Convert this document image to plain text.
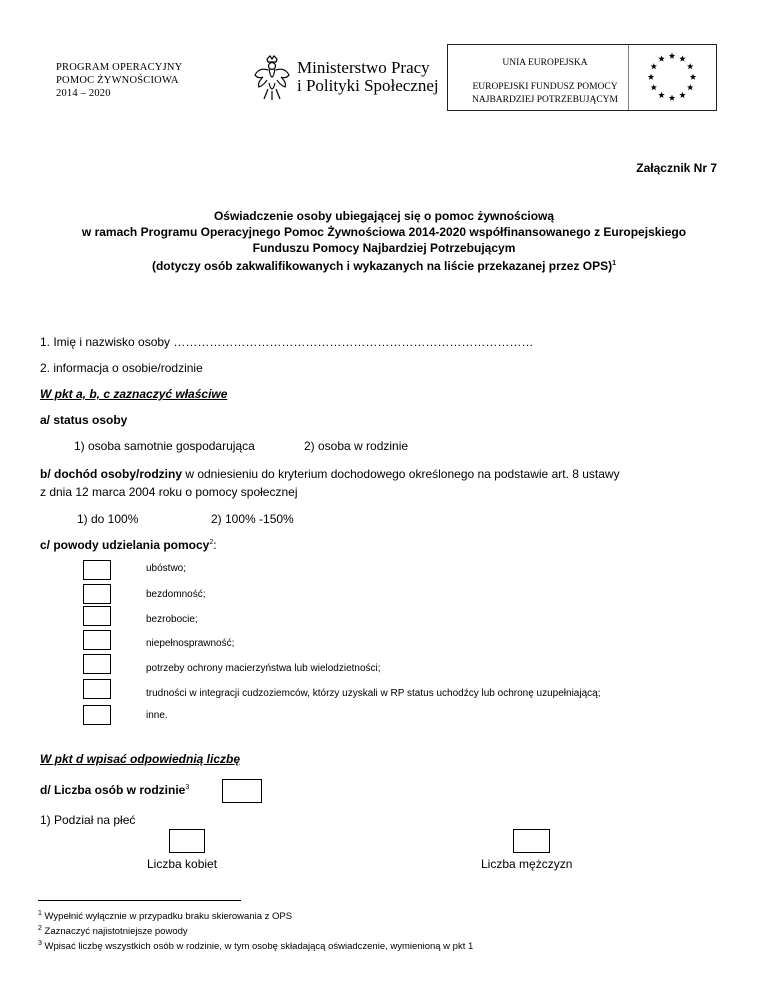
PROGRAM OPERACYJNY
POMOC ŻYWNOŚCIOWA
2014 – 2020
Ministerstwo Pracy
i Polityki Społecznej
UNIA EUROPEJSKA
EUROPEJSKI FUNDUSZ POMOCY
NAJBARDZIEJ POTRZEBUJĄCYM
Załącznik Nr 7
Oświadczenie osoby ubiegającej się o pomoc żywnościową
w ramach Programu Operacyjnego Pomoc Żywnościowa 2014-2020 współfinansowanego z Europejskiego
Funduszu Pomocy Najbardziej Potrzebującym
(dotyczy osób zakwalifikowanych i wykazanych na liście przekazanej przez OPS)$^1$
1. Imię i nazwisko osoby ………………………………………………………………………………
2. informacja o osobie/rodzinie
W pkt a, b, c zaznaczyć właściwe
a/ status osoby
1) osoba samotnie gospodarująca	2) osoba w rodzinie
b/ dochód osoby/rodziny w odniesieniu do kryterium dochodowego określonego na podstawie art. 8 ustawy
z dnia 12 marca 2004 roku o pomocy społecznej
1) do 100%	2) 100% -150%
c/ powody udzielania pomocy$^2$:
ubóstwo;
bezdomność;
bezrobocie;
niepełnosprawność;
potrzeby ochrony macierzyństwa lub wielodzietności;
trudności w integracji cudzoziemców, którzy uzyskali w RP status uchodźcy lub ochronę uzupełniającą;
inne.
W pkt d wpisać odpowiednią liczbę
d/ Liczba osób w rodzinie$^3$
1) Podział na płeć
Liczba kobiet	Liczba mężczyzn
$^1$ Wypełnić wyłącznie w przypadku braku skierowania z OPS
$^2$ Zaznaczyć najistotniejsze powody
$^3$ Wpisać liczbę wszystkich osób w rodzinie, w tym osobę składającą oświadczenie, wymienioną w pkt 1
